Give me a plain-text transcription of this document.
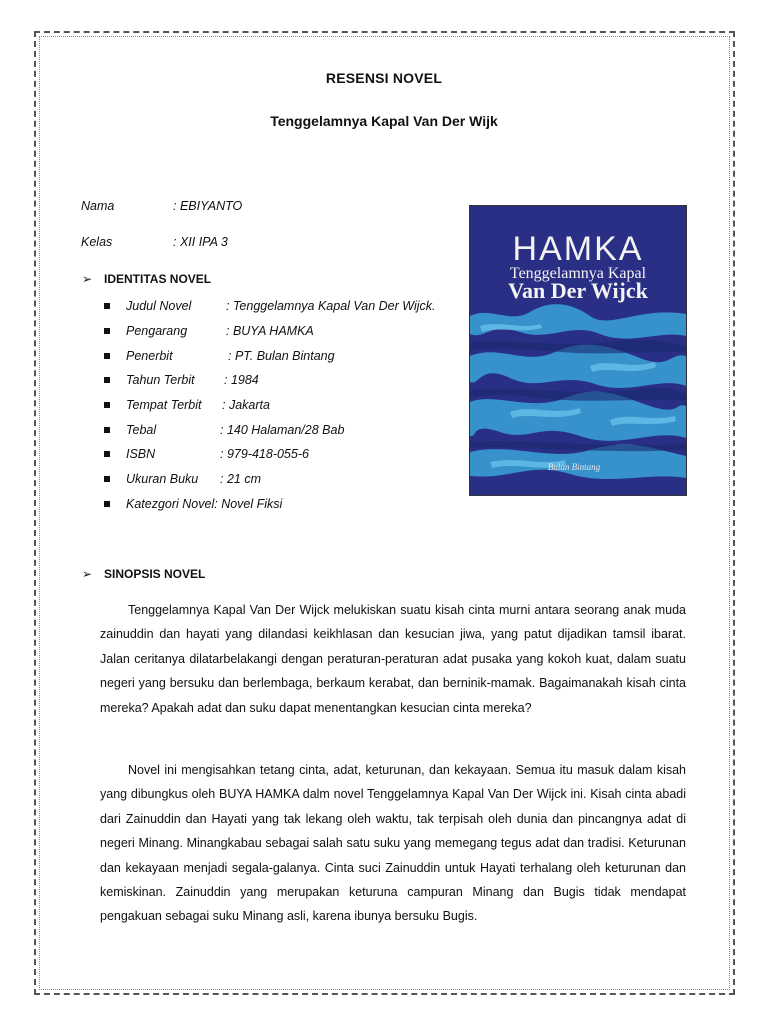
RESENSI NOVEL
Tenggelamnya Kapal Van Der Wijk
Nama	: EBIYANTO
Kelas	: XII IPA 3
➢ IDENTITAS NOVEL
Judul Novel	: Tenggelamnya Kapal Van Der Wijck.
Pengarang	: BUYA HAMKA
Penerbit	: PT. Bulan Bintang
Tahun Terbit	: 1984
Tempat Terbit	: Jakarta
Tebal	: 140 Halaman/28 Bab
ISBN	: 979-418-055-6
Ukuran Buku	: 21 cm
Katezgori Novel : Novel Fiksi
HAMKA
Tenggelamnya Kapal
Van Der Wijck
Bulan Bintang
➢ SINOPSIS NOVEL

Tenggelamnya Kapal Van Der Wijck melukiskan suatu kisah cinta murni antara seorang anak muda zainuddin dan hayati yang dilandasi keikhlasan dan kesucian jiwa, yang patut dijadikan tamsil ibarat. Jalan ceritanya dilatarbelakangi dengan peraturan-peraturan adat pusaka yang kokoh kuat, dalam suatu negeri yang bersuku dan berlembaga, berkaum kerabat, dan berninik-mamak. Bagaimanakah kisah cinta mereka? Apakah adat dan suku dapat menentangkan kesucian cinta mereka?

Novel ini mengisahkan tetang cinta, adat, keturunan, dan kekayaan. Semua itu masuk dalam kisah yang dibungkus oleh BUYA HAMKA dalm novel Tenggelamnya Kapal Van Der Wijck ini. Kisah cinta abadi dari Zainuddin dan Hayati yang tak lekang oleh waktu, tak terpisah oleh dunia dan pincangnya adat di negeri Minang. Minangkabau sebagai salah satu suku yang memegang tegus adat dan tradisi. Keturunan dan kekayaan menjadi segala-galanya. Cinta suci Zainuddin untuk Hayati terhalang oleh keturunan dan kemiskinan. Zainuddin yang merupakan keturuna campuran Minang dan Bugis tidak mendapat pengakuan sebagai suku Minang asli, karena ibunya bersuku Bugis.
